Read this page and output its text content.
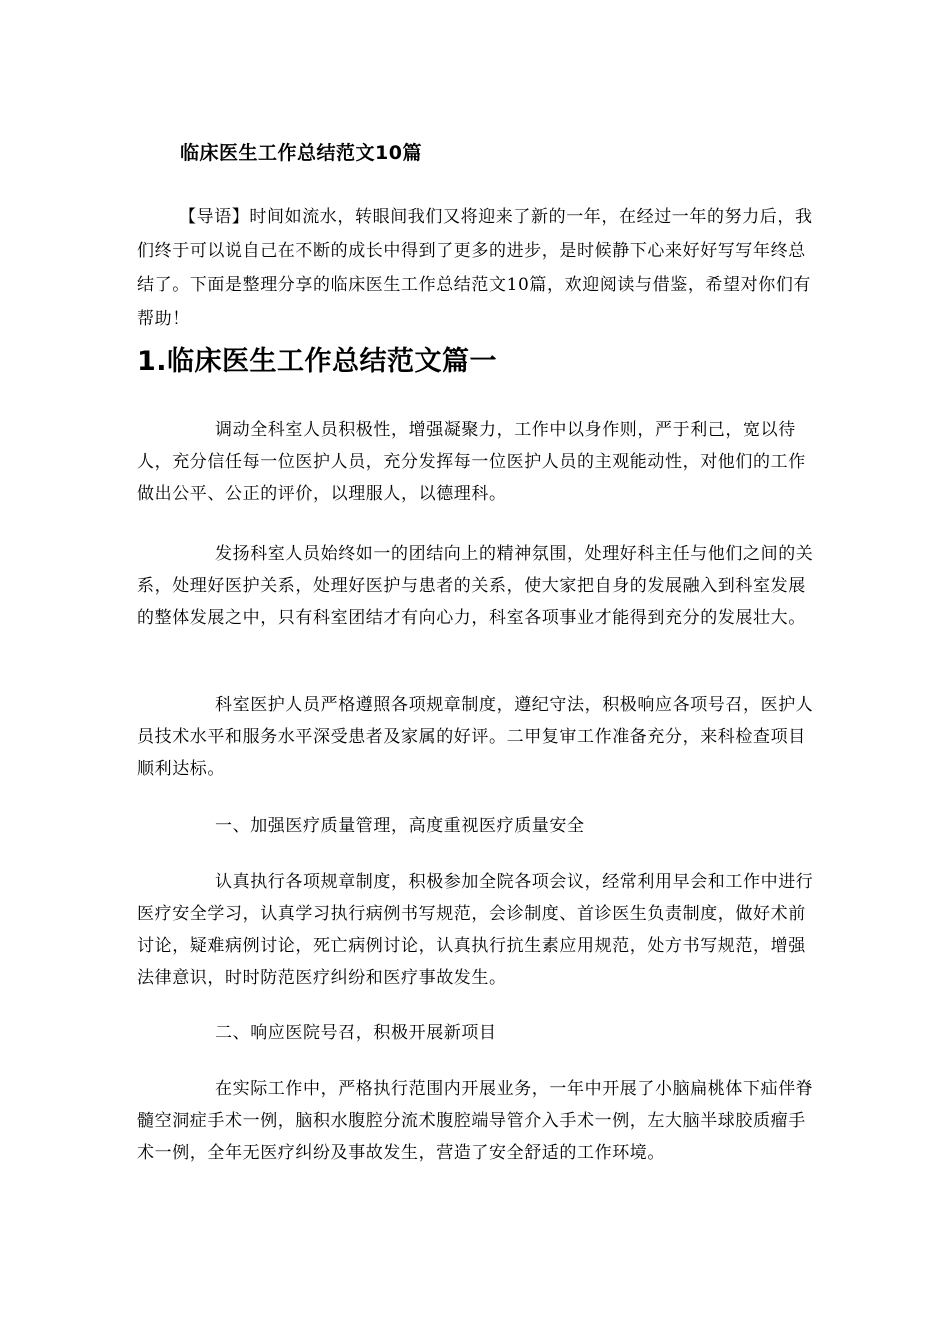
临床医生工作总结范文10篇

【导语】时间如流水，转眼间我们又将迎来了新的一年，在经过一年的努力后，我们终于可以说自己在不断的成长中得到了更多的进步，是时候静下心来好好写写年终总结了。下面是整理分享的临床医生工作总结范文10篇，欢迎阅读与借鉴，希望对你们有帮助！

1.临床医生工作总结范文篇一

调动全科室人员积极性，增强凝聚力，工作中以身作则，严于利己，宽以待人，充分信任每一位医护人员，充分发挥每一位医护人员的主观能动性，对他们的工作做出公平、公正的评价，以理服人，以德理科。

发扬科室人员始终如一的团结向上的精神氛围，处理好科主任与他们之间的关系，处理好医护关系，处理好医护与患者的关系，使大家把自身的发展融入到科室发展的整体发展之中，只有科室团结才有向心力，科室各项事业才能得到充分的发展壮大。

科室医护人员严格遵照各项规章制度，遵纪守法，积极响应各项号召，医护人员技术水平和服务水平深受患者及家属的好评。二甲复审工作准备充分，来科检查项目顺利达标。

一、加强医疗质量管理，高度重视医疗质量安全

认真执行各项规章制度，积极参加全院各项会议，经常利用早会和工作中进行医疗安全学习，认真学习执行病例书写规范，会诊制度、首诊医生负责制度，做好术前讨论，疑难病例讨论，死亡病例讨论，认真执行抗生素应用规范，处方书写规范，增强法律意识，时时防范医疗纠纷和医疗事故发生。

二、响应医院号召，积极开展新项目

在实际工作中，严格执行范围内开展业务，一年中开展了小脑扁桃体下疝伴脊髓空洞症手术一例，脑积水腹腔分流术腹腔端导管介入手术一例，左大脑半球胶质瘤手术一例，全年无医疗纠纷及事故发生，营造了安全舒适的工作环境。
